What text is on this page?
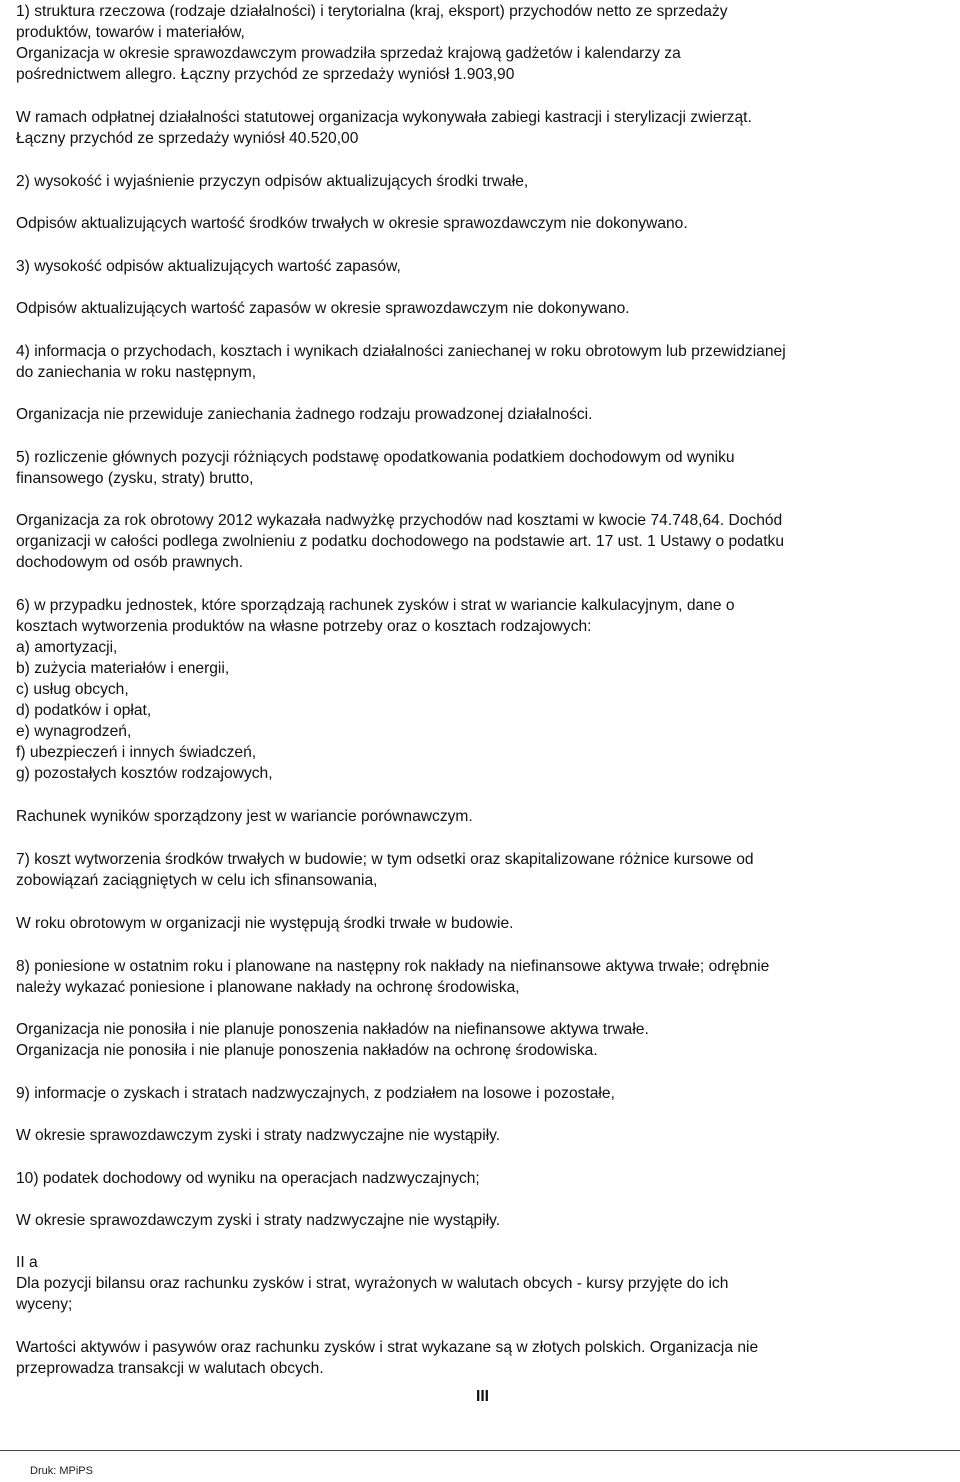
1) struktura rzeczowa (rodzaje działalności) i terytorialna (kraj, eksport) przychodów netto ze sprzedaży

produktów, towarów i materiałów,

Organizacja w okresie sprawozdawczym prowadziła sprzedaż krajową gadżetów i kalendarzy za

pośrednictwem allegro. Łączny przychód ze sprzedaży wyniósł 1.903,90

W ramach odpłatnej działalności statutowej organizacja wykonywała zabiegi kastracji i sterylizacji zwierząt.

Łączny przychód ze sprzedaży wyniósł 40.520,00

2) wysokość i wyjaśnienie przyczyn odpisów aktualizujących środki trwałe,

Odpisów aktualizujących wartość środków trwałych w okresie sprawozdawczym nie dokonywano.

3) wysokość odpisów aktualizujących wartość zapasów,

Odpisów aktualizujących wartość zapasów w okresie sprawozdawczym nie dokonywano.

4) informacja o przychodach, kosztach i wynikach działalności zaniechanej w roku obrotowym lub przewidzianej

do zaniechania w roku następnym,

Organizacja nie przewiduje zaniechania żadnego rodzaju prowadzonej działalności.

5) rozliczenie głównych pozycji różniących podstawę opodatkowania podatkiem dochodowym od wyniku

finansowego (zysku, straty) brutto,

Organizacja za rok obrotowy 2012 wykazała nadwyżkę przychodów nad kosztami w kwocie 74.748,64. Dochód

organizacji w całości podlega zwolnieniu z podatku dochodowego na podstawie art. 17 ust. 1 Ustawy o podatku

dochodowym od osób prawnych.

6) w przypadku jednostek, które sporządzają rachunek zysków i strat w wariancie kalkulacyjnym, dane o

kosztach wytworzenia produktów na własne potrzeby oraz o kosztach rodzajowych:

a) amortyzacji,

b) zużycia materiałów i energii,

c) usług obcych,

d) podatków i opłat,

e) wynagrodzeń,

f) ubezpieczeń i innych świadczeń,

g) pozostałych kosztów rodzajowych,

Rachunek wyników sporządzony jest w wariancie porównawczym.

7) koszt wytworzenia środków trwałych w budowie; w tym odsetki oraz skapitalizowane różnice kursowe od

zobowiązań zaciągniętych w celu ich sfinansowania,

W roku obrotowym w organizacji nie występują środki trwałe w budowie.

8) poniesione w ostatnim roku i planowane na następny rok nakłady na niefinansowe aktywa trwałe; odrębnie

należy wykazać poniesione i planowane nakłady na ochronę środowiska,

Organizacja nie ponosiła i nie planuje ponoszenia nakładów na niefinansowe aktywa trwałe.

Organizacja nie ponosiła i nie planuje ponoszenia nakładów na ochronę środowiska.

9) informacje o zyskach i stratach nadzwyczajnych, z podziałem na losowe i pozostałe,

W okresie sprawozdawczym zyski i straty nadzwyczajne nie wystąpiły.

10) podatek dochodowy od wyniku na operacjach nadzwyczajnych;

W okresie sprawozdawczym zyski i straty nadzwyczajne nie wystąpiły.

II a

Dla pozycji bilansu oraz rachunku zysków i strat, wyrażonych w walutach obcych - kursy przyjęte do ich

wyceny;

Wartości aktywów i pasywów oraz rachunku zysków i strat wykazane są w złotych polskich. Organizacja nie

przeprowadza transakcji w walutach obcych.

III

Druk: MPiPS
